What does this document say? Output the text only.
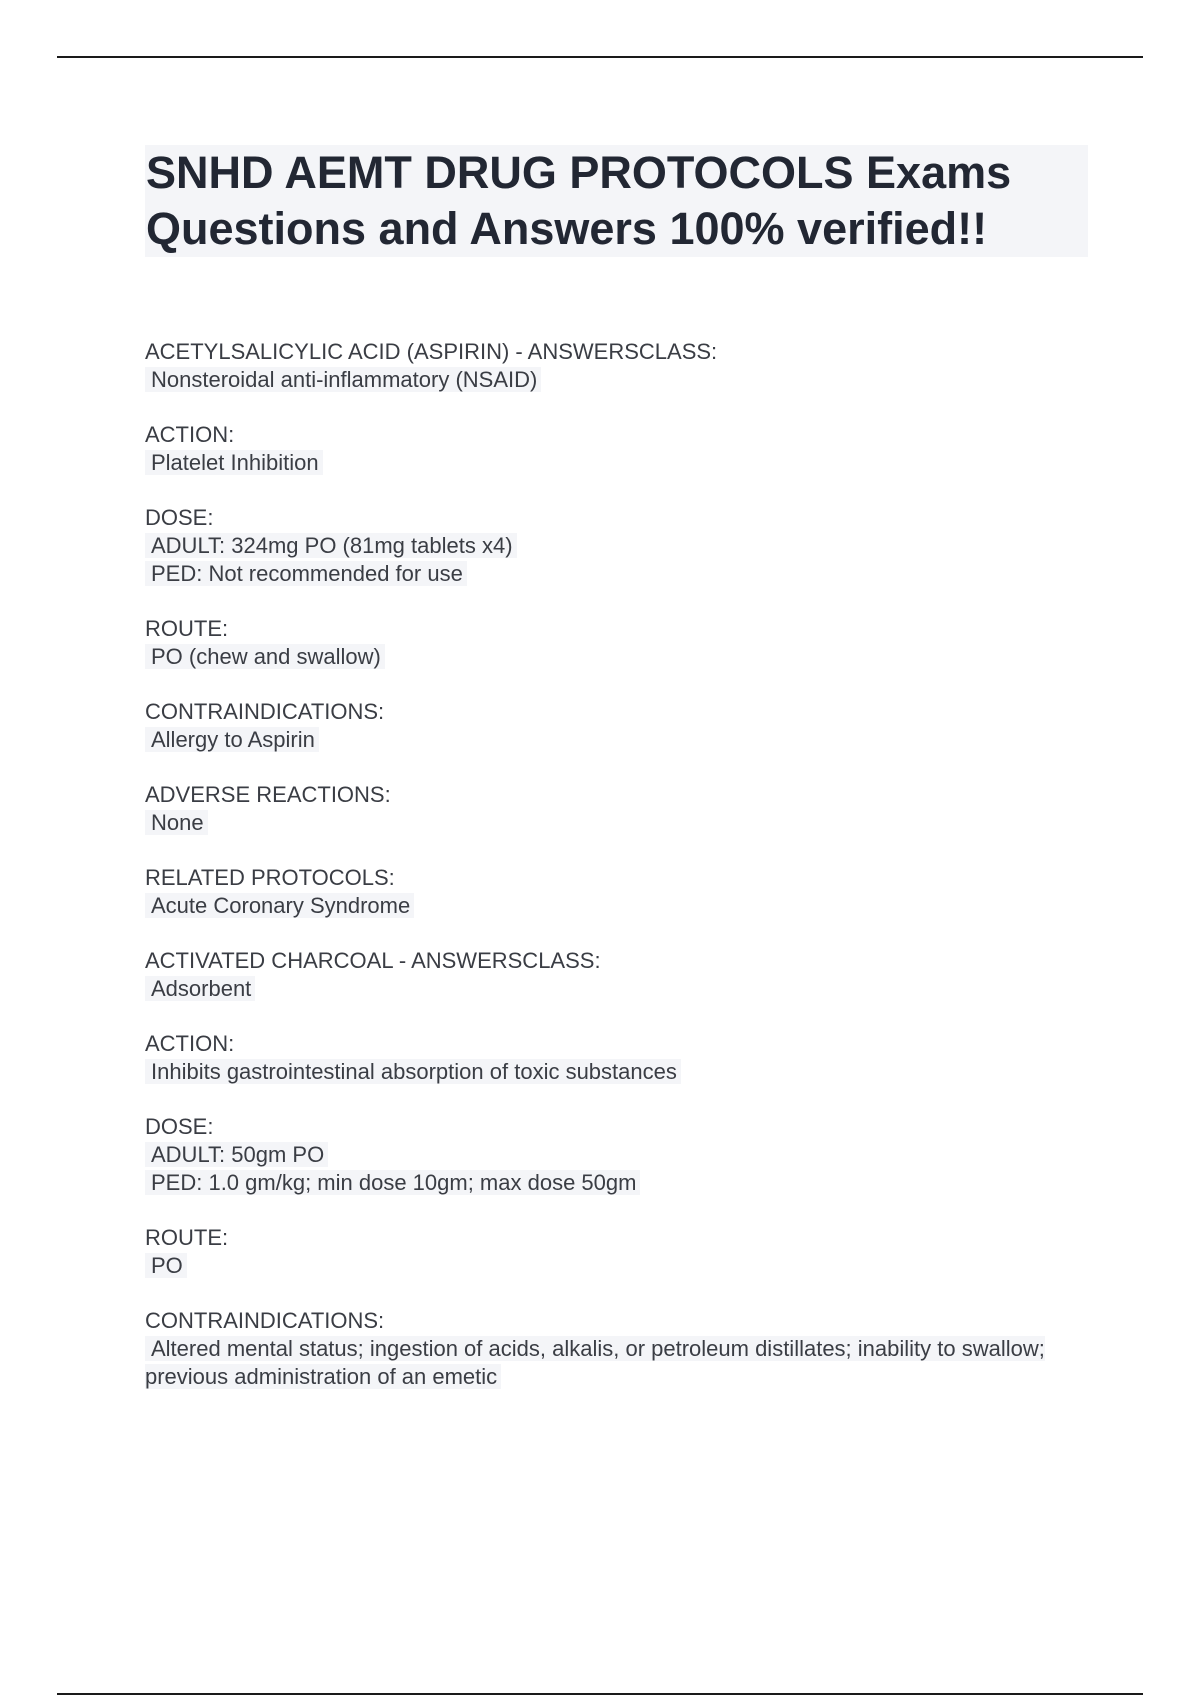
SNHD AEMT DRUG PROTOCOLS Exams
Questions and Answers 100% verified!!

ACETYLSALICYLIC ACID (ASPIRIN) - ANSWERSCLASS:
Nonsteroidal anti-inflammatory (NSAID)

ACTION:
Platelet Inhibition

DOSE:
ADULT: 324mg PO (81mg tablets x4)
PED: Not recommended for use

ROUTE:
PO (chew and swallow)

CONTRAINDICATIONS:
Allergy to Aspirin

ADVERSE REACTIONS:
None

RELATED PROTOCOLS:
Acute Coronary Syndrome

ACTIVATED CHARCOAL - ANSWERSCLASS:
Adsorbent

ACTION:
Inhibits gastrointestinal absorption of toxic substances

DOSE:
ADULT: 50gm PO
PED: 1.0 gm/kg; min dose 10gm; max dose 50gm

ROUTE:
PO

CONTRAINDICATIONS:
Altered mental status; ingestion of acids, alkalis, or petroleum distillates; inability to swallow; previous administration of an emetic
